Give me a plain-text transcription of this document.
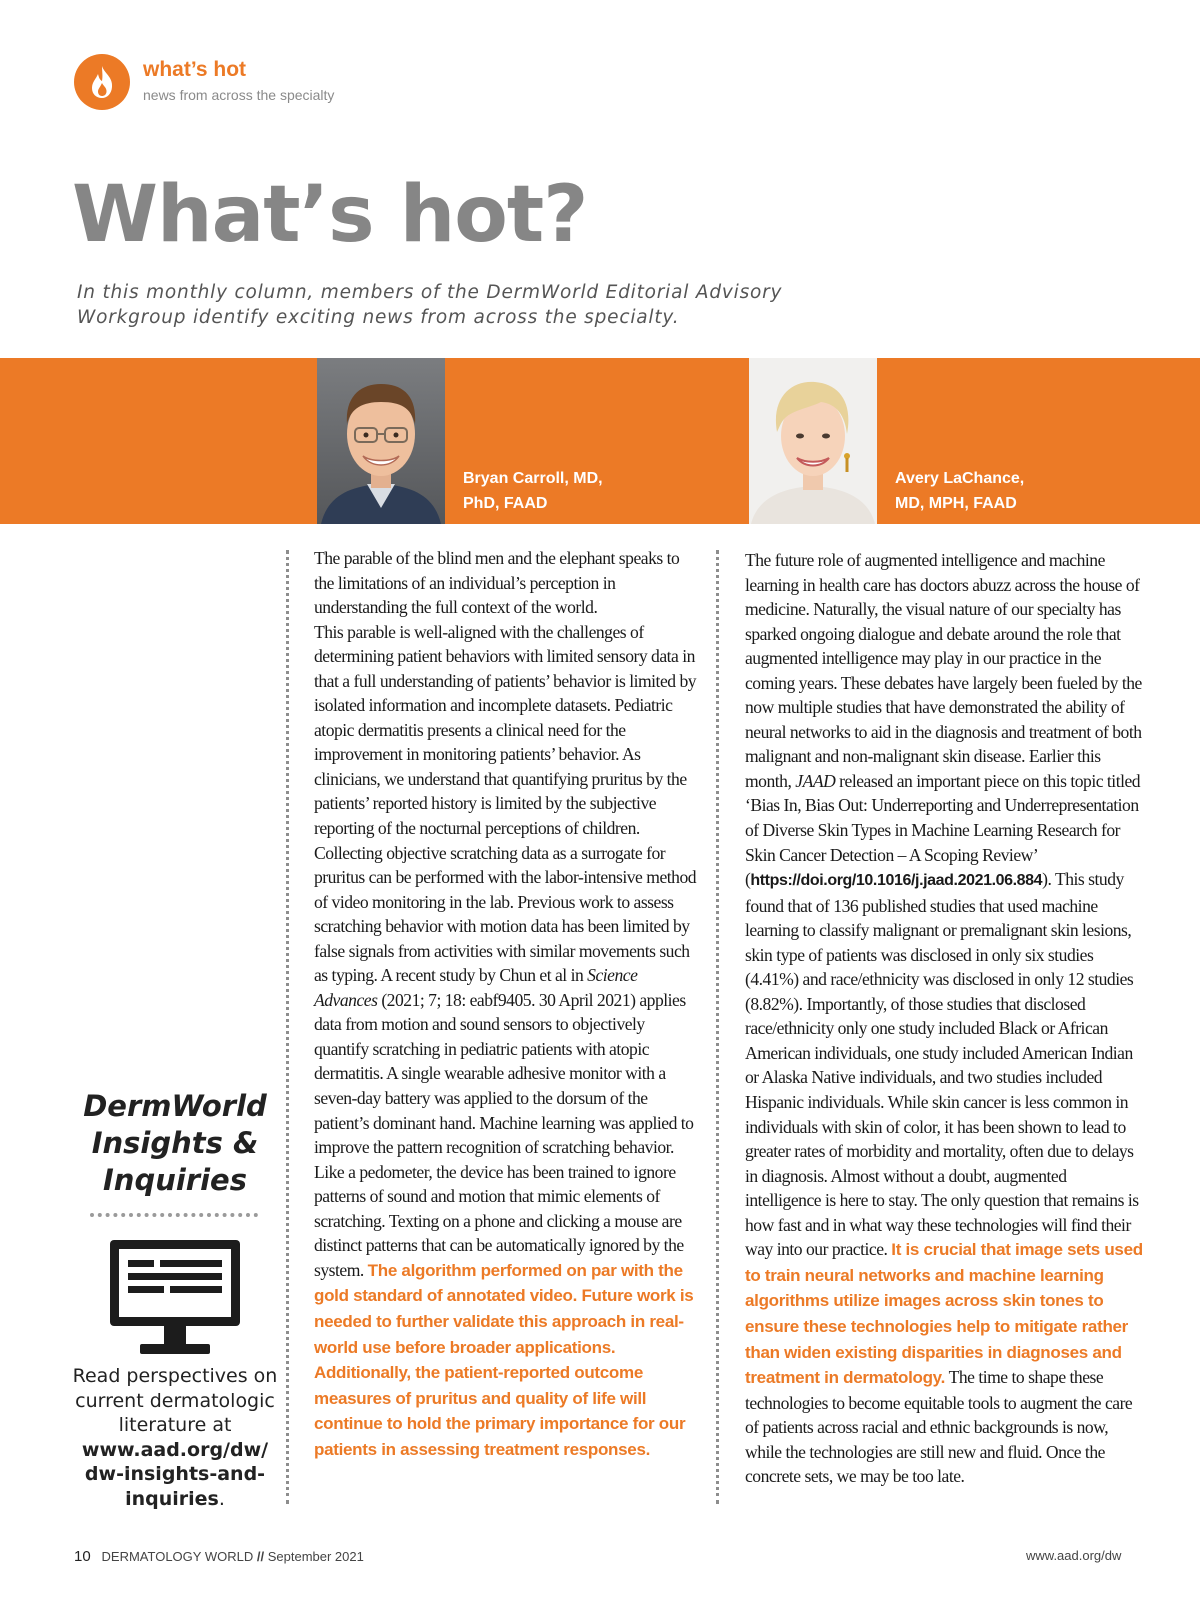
what’s hot
news from across the specialty
What’s hot?
In this monthly column, members of the DermWorld Editorial Advisory Workgroup identify exciting news from across the specialty.
Bryan Carroll, MD,
PhD, FAAD
Avery LaChance,
MD, MPH, FAAD
DermWorld
Insights &
Inquiries
Read perspectives on current dermatologic literature at
www.aad.org/dw/
dw-insights-and-
inquiries.

The parable of the blind men and the elephant speaks to the limitations of an individual’s perception in understanding the full context of the world.

This parable is well-aligned with the challenges of determining patient behaviors with limited sensory data in that a full understanding of patients’ behavior is limited by isolated information and incomplete datasets. Pediatric atopic dermatitis presents a clinical need for the improvement in monitoring patients’ behavior. As clinicians, we understand that quantifying pruritus by the patients’ reported history is limited by the subjective reporting of the nocturnal perceptions of children. Collecting objective scratching data as a surrogate for pruritus can be performed with the labor-intensive method of video monitoring in the lab. Previous work to assess scratching behavior with motion data has been limited by false signals from activities with similar movements such as typing. A recent study by Chun et al in Science Advances (2021; 7; 18: eabf9405. 30 April 2021) applies data from motion and sound sensors to objectively quantify scratching in pediatric patients with atopic dermatitis. A single wearable adhesive monitor with a seven-day battery was applied to the dorsum of the patient’s dominant hand. Machine learning was applied to improve the pattern recognition of scratching behavior. Like a pedometer, the device has been trained to ignore patterns of sound and motion that mimic elements of scratching. Texting on a phone and clicking a mouse are distinct patterns that can be automatically ignored by the system. The algorithm performed on par with the gold standard of annotated video. Future work is needed to further validate this approach in real-world use before broader applications. Additionally, the patient-reported outcome measures of pruritus and quality of life will continue to hold the primary importance for our patients in assessing treatment responses.

The future role of augmented intelligence and machine learning in health care has doctors abuzz across the house of medicine. Naturally, the visual nature of our specialty has sparked ongoing dialogue and debate around the role that augmented intelligence may play in our practice in the coming years. These debates have largely been fueled by the now multiple studies that have demonstrated the ability of neural networks to aid in the diagnosis and treatment of both malignant and non-malignant skin disease. Earlier this month, JAAD released an important piece on this topic titled ‘Bias In, Bias Out: Underreporting and Underrepresentation of Diverse Skin Types in Machine Learning Research for Skin Cancer Detection – A Scoping Review’ (https://doi.org/10.1016/j.jaad.2021.06.884). This study found that of 136 published studies that used machine learning to classify malignant or premalignant skin lesions, skin type of patients was disclosed in only six studies (4.41%) and race/ethnicity was disclosed in only 12 studies (8.82%). Importantly, of those studies that disclosed race/ethnicity only one study included Black or African American individuals, one study included American Indian or Alaska Native individuals, and two studies included Hispanic individuals. While skin cancer is less common in individuals with skin of color, it has been shown to lead to greater rates of morbidity and mortality, often due to delays in diagnosis. Almost without a doubt, augmented intelligence is here to stay. The only question that remains is how fast and in what way these technologies will find their way into our practice. It is crucial that image sets used to train neural networks and machine learning algorithms utilize images across skin tones to ensure these technologies help to mitigate rather than widen existing disparities in diagnoses and treatment in dermatology. The time to shape these technologies to become equitable tools to augment the care of patients across racial and ethnic backgrounds is now, while the technologies are still new and fluid. Once the concrete sets, we may be too late.

10 DERMATOLOGY WORLD // September 2021	www.aad.org/dw
